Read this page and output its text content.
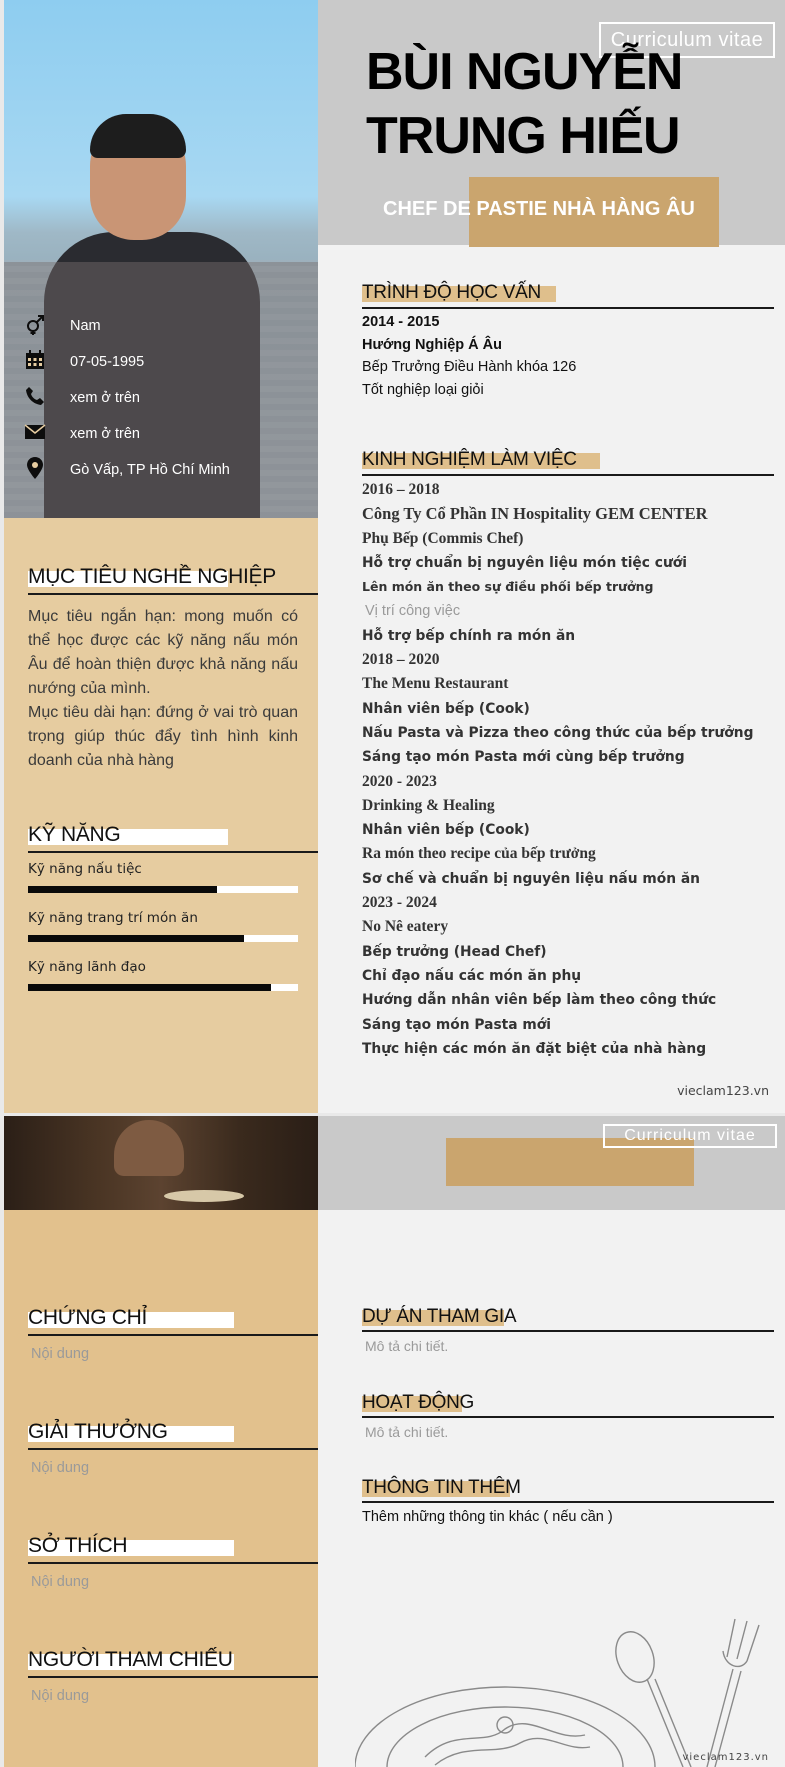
Nam
07-05-1995
xem ở trên
xem ở trên
Gò Vấp, TP Hồ Chí Minh
MỤC TIÊU NGHỀ NGHIỆP

Mục tiêu ngắn hạn: mong muốn có thể học được các kỹ năng nấu món Âu để hoàn thiện được khả năng nấu nướng của mình.

Mục tiêu dài hạn: đứng ở vai trò quan trọng giúp thúc đẩy tình hình kinh doanh của nhà hàng

KỸ NĂNG
Kỹ năng nấu tiệc
Kỹ năng trang trí món ăn
Kỹ năng lãnh đạo
Curriculum vitae
BÙI NGUYỄN
TRUNG HIẾU
CHEF DE PASTIE NHÀ HÀNG ÂU
TRÌNH ĐỘ HỌC VẤN
2014 - 2015
Hướng Nghiệp Á Âu
Bếp Trưởng Điều Hành khóa 126
Tốt nghiệp loại giỏi
KINH NGHIỆM LÀM VIỆC
2016 – 2018
Công Ty Cổ Phần IN Hospitality GEM CENTER
Phụ Bếp (Commis Chef)
Hỗ trợ chuẩn bị nguyên liệu món tiệc cưới
Lên món ăn theo sự điều phối bếp trưởng
Vị trí công việc
Hỗ trợ bếp chính ra món ăn
2018 – 2020
The Menu Restaurant
Nhân viên bếp (Cook)
Nấu Pasta và Pizza theo công thức của bếp trưởng
Sáng tạo món Pasta mới cùng bếp trưởng
2020 - 2023
Drinking & Healing
Nhân viên bếp (Cook)
Ra món theo recipe của bếp trưởng
Sơ chế và chuẩn bị nguyên liệu nấu món ăn
2023 - 2024
No Nê eatery
Bếp trưởng (Head Chef)
Chỉ đạo nấu các món ăn phụ
Hướng dẫn nhân viên bếp làm theo công thức
Sáng tạo món Pasta mới
Thực hiện các món ăn đặt biệt của nhà hàng
vieclam123.vn
CHỨNG CHỈ
Nội dung
GIẢI THƯỞNG
Nội dung
SỞ THÍCH
Nội dung
NGƯỜI THAM CHIẾU
Nội dung
Curriculum vitae
DỰ ÁN THAM GIA
Mô tả chi tiết.
HOẠT ĐỘNG
Mô tả chi tiết.
THÔNG TIN THÊM
Thêm những thông tin khác ( nếu cần )
vieclam123.vn
